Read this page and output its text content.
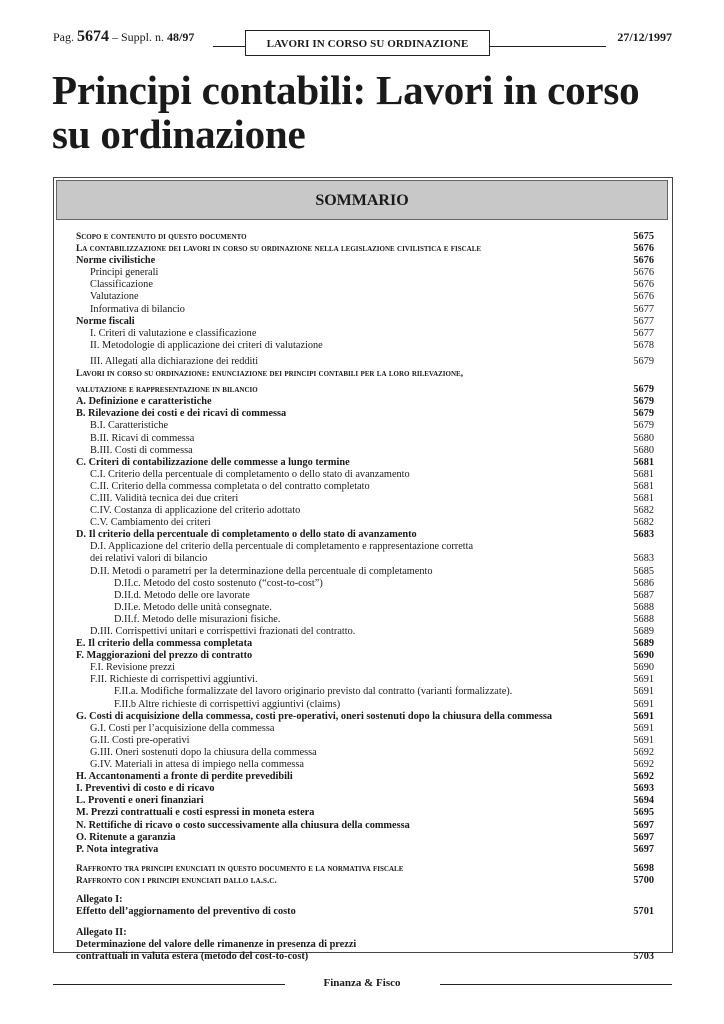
Pag. 5674 – Suppl. n. 48/97	LAVORI IN CORSO SU ORDINAZIONE	27/12/1997
Principi contabili: Lavori in corso
su ordinazione
SOMMARIO
Scopo e contenuto di questo documento	5675
La contabilizzazione dei lavori in corso su ordinazione nella legislazione civilistica e fiscale	5676
Norme civilistiche	5676
Principi generali	5676
Classificazione	5676
Valutazione	5676
Informativa di bilancio	5677
Norme fiscali	5677
I. Criteri di valutazione e classificazione	5677
II. Metodologie di applicazione dei criteri di valutazione	5678
III. Allegati alla dichiarazione dei redditi	5679
Lavori in corso su ordinazione: enunciazione dei principi contabili per la loro rilevazione,
valutazione e rappresentazione in bilancio	5679
A. Definizione e caratteristiche	5679
B. Rilevazione dei costi e dei ricavi di commessa	5679
B.I. Caratteristiche	5679
B.II. Ricavi di commessa	5680
B.III. Costi di commessa	5680
C. Criteri di contabilizzazione delle commesse a lungo termine	5681
C.I. Criterio della percentuale di completamento o dello stato di avanzamento	5681
C.II. Criterio della commessa completata o del contratto completato	5681
C.III. Validità tecnica dei due criteri	5681
C.IV. Costanza di applicazione del criterio adottato	5682
C.V. Cambiamento dei criteri	5682
D. Il criterio della percentuale di completamento o dello stato di avanzamento	5683
D.I. Applicazione del criterio della percentuale di completamento e rappresentazione corretta
dei relativi valori di bilancio	5683
D.II. Metodi o parametri per la determinazione della percentuale di completamento	5685
D.II.c. Metodo del costo sostenuto (“cost-to-cost”)	5686
D.II.d. Metodo delle ore lavorate	5687
D.II.e. Metodo delle unità consegnate.	5688
D.II.f. Metodo delle misurazioni fisiche.	5688
D.III. Corrispettivi unitari e corrispettivi frazionati del contratto.	5689
E. Il criterio della commessa completata	5689
F. Maggiorazioni del prezzo di contratto	5690
F.I. Revisione prezzi	5690
F.II. Richieste di corrispettivi aggiuntivi.	5691
F.II.a. Modifiche formalizzate del lavoro originario previsto dal contratto (varianti formalizzate).	5691
F.II.b Altre richieste di corrispettivi aggiuntivi (claims)	5691
G. Costi di acquisizione della commessa, costi pre-operativi, oneri sostenuti dopo la chiusura della commessa	5691
G.I. Costi per l’acquisizione della commessa	5691
G.II. Costi pre-operativi	5691
G.III. Oneri sostenuti dopo la chiusura della commessa	5692
G.IV. Materiali in attesa di impiego nella commessa	5692
H. Accantonamenti a fronte di perdite prevedibili	5692
I. Preventivi di costo e di ricavo	5693
L. Proventi e oneri finanziari	5694
M. Prezzi contrattuali e costi espressi in moneta estera	5695
N. Rettifiche di ricavo o costo successivamente alla chiusura della commessa	5697
O. Ritenute a garanzia	5697
P. Nota integrativa	5697
Raffronto tra principi enunciati in questo documento e la normativa fiscale	5698
Raffronto con i principi enunciati dallo i.a.s.c.	5700
Allegato I:
Effetto dell’aggiornamento del preventivo di costo	5701
Allegato II:
Determinazione del valore delle rimanenze in presenza di prezzi
contrattuali in valuta estera (metodo del cost-to-cost)	5703
Finanza & Fisco
